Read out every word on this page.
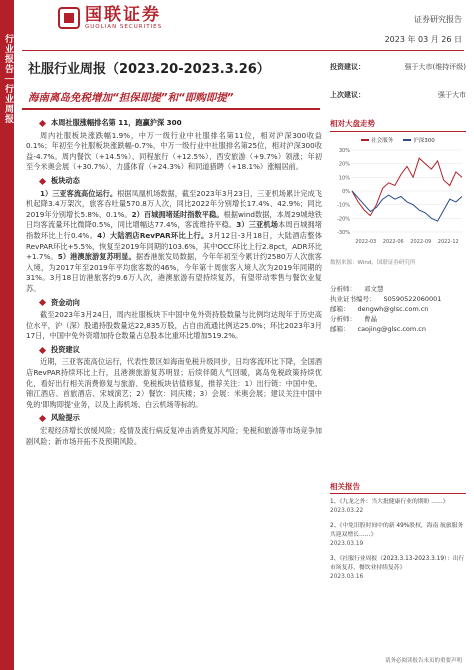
行业报告｜行业周报
国联证券
GUOLIAN SECURITIES
证券研究报告
2023 年 03 月 26 日
社服行业周报（2023.20-2023.3.26）
海南离岛免税增加“担保即提”和“即购即提”
本周社服涨幅排名第 11，跑赢沪深 300

周内社服板块涨跌幅1.9%，中万一级行业中社服排名第11位，相对沪深300收益0.1%；年初至今社服板块涨跌幅-0.7%，中万一级行业中社服排名第25位，相对沪深300收益-4.7%。周内餐饮（+14.5%）、同程旅行（+12.5%）、西安旅游（+9.7%）领涨；年初至今米奥会展（+30.7%）、力盛体育（+24.3%）和同道猎聘（+18.1%）涨幅居前。

板块动态

1）三亚客流高位运行。根据凤凰机场数据，截至2023年3月23日，三亚机场累计完成飞机起降3.4万架次，旅客吞吐量570.8万人次，同比2022年分别增长17.4%、42.9%；同比2019年分别增长5.8%、0.1%。2）百城拥堵延时指数平稳。根据wind数据，本周29城地铁日均客流量环比微降0.5%，同比增幅达77.4%，客流维持平稳。3）三亚机场本周百城拥堵指数环比上行0.4%。4）大陆酒店RevPAR环比上行。3月12日-3月18日，大陆酒店整体RevPAR环比+5.5%，恢复至2019年同期的103.6%，其中OCC环比上行2.8pct，ADR环比+1.7%。5）港澳旅游复苏明显。据香港旅发局数据，今年年初至今累计约2580万人次旅客入境，为2017年至2019年平均旅客数的46%，今年第十周旅客入境人次为2019年同期的31%。3月18日访港旅客约9.6万人次，港澳旅游有望持续复苏，有望带动零售与餐饮业复苏。

资金动向

截至2023年3月24日，周内社服板块下中国中免外资持股数量与比例均达现年于历史高位水平，沪（深）股通持股数量达22,835万股，占自由流通比例达25.0%；环比2023年3月17日，中国中免外资增加持仓数量占总股本比重环比增加519.2%。

投资建议

近期，三亚客流高位运行，代表性景区如海南免税升级同步，日均客流环比下降，全国酒店RevPAR持续环比上行，且港澳旅游复苏明显；后续伴随人气回暖，离岛免税政策持续优化，看好出行相关消费修复与旅游、免税板块估值修复，推荐关注：1）出行链：中国中免、锦江酒店、首旅酒店、宋城演艺；2）餐饮：同庆楼；3）会展：米奥会展；建议关注中国中免的'即购即提'业务，以及上海机场、白云机场等标的。

风险提示

宏观经济增长放缓风险；疫情及流行病反复冲击消费复苏风险；免税和旅游等市场竞争加剧风险；新市场开拓不及预期风险。

投资建议：	强于大市(维持评级)
上次建议：	强于大市
相对大盘走势
社会服务	沪深300
30%
20%
10%
0%
-10%
-20%
-30%
2022-03 2022-06 2022-09 2022-12
数据来源：Wind，国联证券研究所
分析师： 邓文慧
执业证书编号： S0590522060001
邮箱： dengwh@glsc.com.cn
分析师： 曹晶
邮箱： caojing@glsc.com.cn
相关报告
1、《九龙之外：当大批健康行业的期盼 ……》
2023.03.22
2、《中免旧股时间中的新 49%股权，海南 航旅服务共迎双增长……》
2023.03.19
3、《社服行业周报（2023.3.13-2023.3.19）：出行市场复苏，餐饮业持续复苏》
2023.03.16
请务必阅读报告末页的重要声明
